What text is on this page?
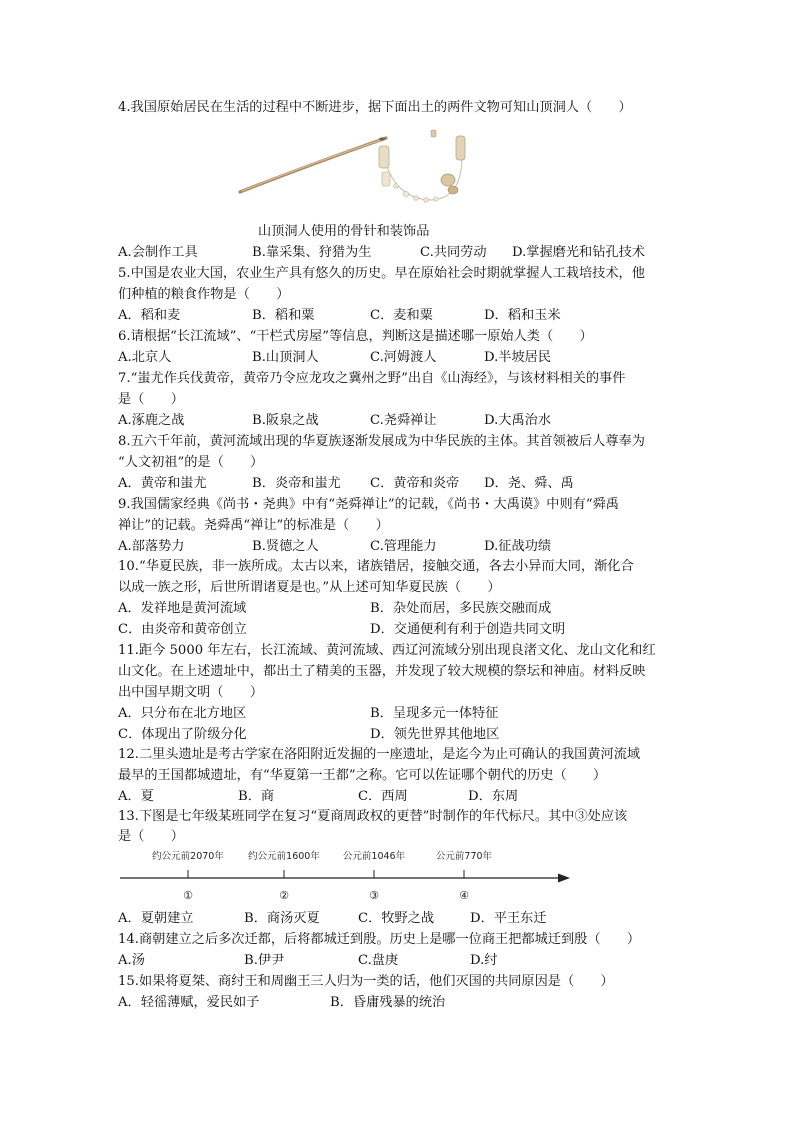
4.我国原始居民在生活的过程中不断进步，据下面出土的两件文物可知山顶洞人（　　）
山顶洞人使用的骨针和装饰品
A.会制作工具	B.靠采集、狩猎为生	C.共同劳动 D.掌握磨光和钻孔技术
5.中国是农业大国，农业生产具有悠久的历史。早在原始社会时期就掌握人工栽培技术，他
们种植的粮食作物是（　　）
A．稻和麦	B．稻和粟	C．麦和粟	D．稻和玉米
6.请根据“长江流域”、“干栏式房屋”等信息，判断这是描述哪一原始人类（　　）
A.北京人	B.山顶洞人	C.河姆渡人	D.半坡居民
7.“蚩尤作兵伐黄帝，黄帝乃令应龙攻之冀州之野”出自《山海经》，与该材料相关的事件
是（　　）
A.涿鹿之战	B.阪泉之战	C.尧舜禅让	D.大禹治水
8.五六千年前，黄河流域出现的华夏族逐渐发展成为中华民族的主体。其首领被后人尊奉为
“人文初祖”的是（　　）
A．黄帝和蚩尤	B．炎帝和蚩尤 C．黄帝和炎帝 D．尧、舜、禹
9.我国儒家经典《尚书・尧典》中有“尧舜禅让”的记载，《尚书・大禹谟》中则有“舜禹
禅让”的记载。尧舜禹“禅让”的标准是（　　）
A.部落势力	B.贤德之人	C.管理能力	D.征战功绩
10.“华夏民族，非一族所成。太古以来，诸族错居，接触交通，各去小异而大同，渐化合
以成一族之形，后世所谓诸夏是也。”从上述可知华夏民族（　　）
A．发祥地是黄河流域	B．杂处而居，多民族交融而成
C．由炎帝和黄帝创立	D．交通便利有利于创造共同文明
11.距今 5000 年左右，长江流域、黄河流域、西辽河流域分别出现良渚文化、龙山文化和红
山文化。在上述遗址中，都出土了精美的玉器，并发现了较大规模的祭坛和神庙。材料反映
出中国早期文明（　　）
A．只分布在北方地区	B．呈现多元一体特征
C．体现出了阶级分化	D．领先世界其他地区
12.二里头遗址是考古学家在洛阳附近发掘的一座遗址，是迄今为止可确认的我国黄河流域
最早的王国都城遗址，有“华夏第一王都”之称。它可以佐证哪个朝代的历史（　　）
A．夏	B．商	C．西周	D．东周
13.下图是七年级某班同学在复习“夏商周政权的更替”时制作的年代标尺。其中③处应该
是（　　）
约公元前2070年
①
约公元前1600年
②
公元前1046年
③
公元前770年
④
A．夏朝建立	B．商汤灭夏	C．牧野之战	D．平王东迁
14.商朝建立之后多次迁都，后将都城迁到殷。历史上是哪一位商王把都城迁到殷（　　）
A.汤	B.伊尹	C.盘庚	D.纣
15.如果将夏桀、商纣王和周幽王三人归为一类的话，他们灭国的共同原因是（　　）
A．轻徭薄赋，爱民如子	B．昏庸残暴的统治
